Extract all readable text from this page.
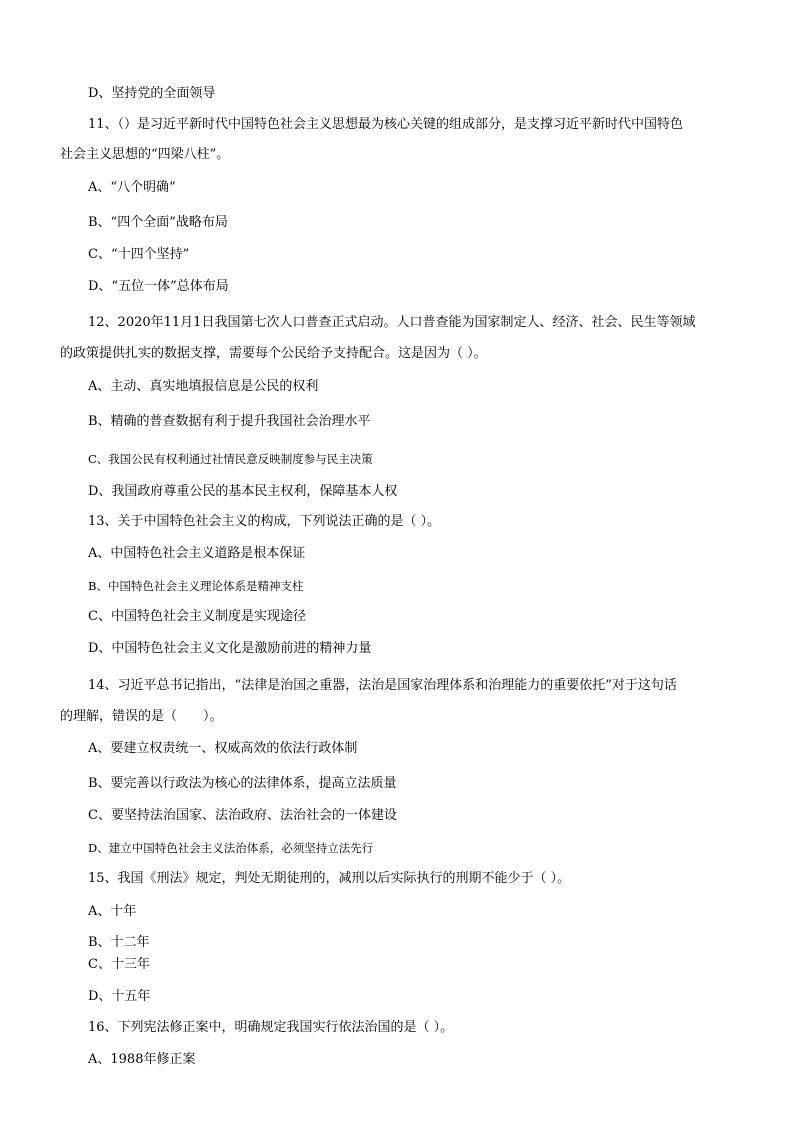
D、坚持党的全面领导
11、（）是习近平新时代中国特色社会主义思想最为核心关键的组成部分，是支撑习近平新时代中国特色
社会主义思想的“四梁八柱”。
A、“八个明确”
B、“四个全面”战略布局
C、“十四个坚持”
D、“五位一体”总体布局
12、2020年11月1日我国第七次人口普查正式启动。人口普查能为国家制定人、经济、社会、民生等领域
的政策提供扎实的数据支撑，需要每个公民给予支持配合。这是因为（ ）。
A、主动、真实地填报信息是公民的权利
B、精确的普查数据有利于提升我国社会治理水平
C、我国公民有权利通过社情民意反映制度参与民主决策
D、我国政府尊重公民的基本民主权利，保障基本人权
13、关于中国特色社会主义的构成，下列说法正确的是（ ）。
A、中国特色社会主义道路是根本保证
B、中国特色社会主义理论体系是精神支柱
C、中国特色社会主义制度是实现途径
D、中国特色社会主义文化是激励前进的精神力量
14、习近平总书记指出，“法律是治国之重器，法治是国家治理体系和治理能力的重要依托”对于这句话
的理解，错误的是（　　）。
A、要建立权责统一、权威高效的依法行政体制
B、要完善以行政法为核心的法律体系，提高立法质量
C、要坚持法治国家、法治政府、法治社会的一体建设
D、建立中国特色社会主义法治体系，必须坚持立法先行
15、我国《刑法》规定，判处无期徒刑的，减刑以后实际执行的刑期不能少于（ ）。
A、十年
B、十二年
C、十三年
D、十五年
16、下列宪法修正案中，明确规定我国实行依法治国的是（ ）。
A、1988年修正案
